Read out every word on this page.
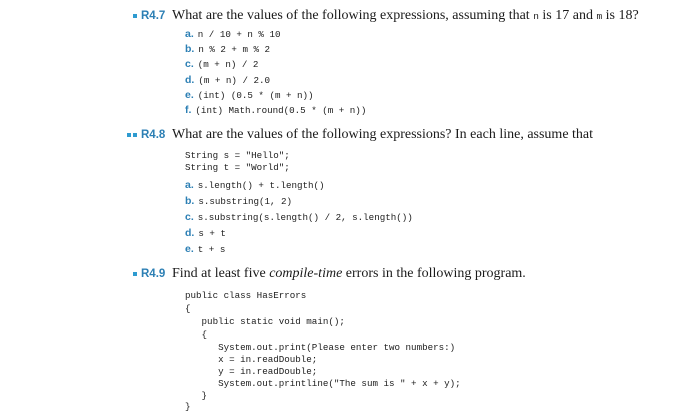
R4.7 What are the values of the following expressions, assuming that n is 17 and m is 18?
a. n / 10 + n % 10
b. n % 2 + m % 2
c. (m + n) / 2
d. (m + n) / 2.0
e. (int) (0.5 * (m + n))
f. (int) Math.round(0.5 * (m + n))
R4.8 What are the values of the following expressions? In each line, assume that
String s = "Hello";
String t = "World";
a. s.length() + t.length()
b. s.substring(1, 2)
c. s.substring(s.length() / 2, s.length())
d. s + t
e. t + s
R4.9 Find at least five compile-time errors in the following program.
public class HasErrors
{
public static void main();
{
System.out.print(Please enter two numbers:)
x = in.readDouble;
y = in.readDouble;
System.out.printline("The sum is " + x + y);
}
}
